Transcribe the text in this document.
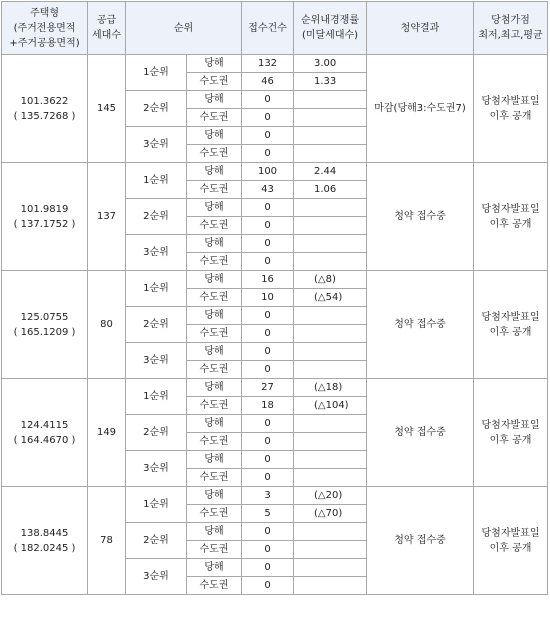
주택형
(주거전용면적
+주거공용면적)	공급
세대수	순위		접수건수	순위내경쟁률
(미달세대수)	청약결과	당첨가점
최저,최고,평균
101.3622
( 135.7268 )	145	1순위	당해	132	3.00	마감(당해3:수도권7)	당첨자발표일
이후 공개
			수도권	46	1.33		
		2순위	당해	0			
			수도권	0			
		3순위	당해	0			
			수도권	0			
101.9819
( 137.1752 )	137	1순위	당해	100	2.44	청약 접수중	당첨자발표일
이후 공개
			수도권	43	1.06		
		2순위	당해	0			
			수도권	0			
		3순위	당해	0			
			수도권	0			
125.0755
( 165.1209 )	80	1순위	당해	16	(△8)	청약 접수중	당첨자발표일
이후 공개
			수도권	10	(△54)		
		2순위	당해	0			
			수도권	0			
		3순위	당해	0			
			수도권	0			
124.4115
( 164.4670 )	149	1순위	당해	27	(△18)	청약 접수중	당첨자발표일
이후 공개
			수도권	18	(△104)		
		2순위	당해	0			
			수도권	0			
		3순위	당해	0			
			수도권	0			
138.8445
( 182.0245 )	78	1순위	당해	3	(△20)	청약 접수중	당첨자발표일
이후 공개
			수도권	5	(△70)		
		2순위	당해	0			
			수도권	0			
		3순위	당해	0			
			수도권	0			
